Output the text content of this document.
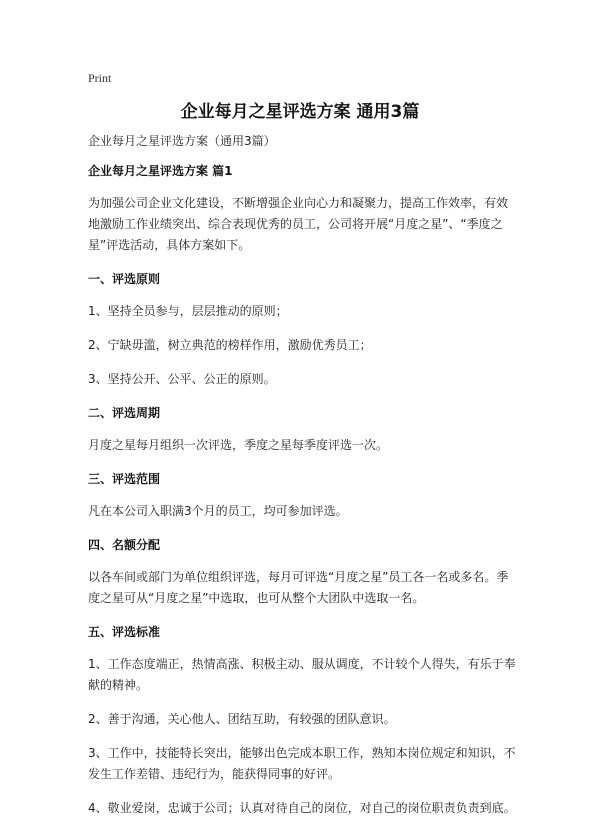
Print
企业每月之星评选方案 通用3篇

企业每月之星评选方案（通用3篇）

企业每月之星评选方案 篇1

为加强公司企业文化建设，不断增强企业向心力和凝聚力，提高工作效率，有效地激励工作业绩突出、综合表现优秀的员工，公司将开展“月度之星”、“季度之星”评选活动，具体方案如下。

一、评选原则

1、坚持全员参与，层层推动的原则；

2、宁缺毋滥，树立典范的榜样作用，激励优秀员工；

3、坚持公开、公平、公正的原则。

二、评选周期

月度之星每月组织一次评选，季度之星每季度评选一次。

三、评选范围

凡在本公司入职满3个月的员工，均可参加评选。

四、名额分配

以各车间或部门为单位组织评选，每月可评选“月度之星”员工各一名或多名。季度之星可从“月度之星”中选取，也可从整个大团队中选取一名。

五、评选标准

1、工作态度端正，热情高涨、积极主动、服从调度，不计较个人得失，有乐于奉献的精神。

2、善于沟通，关心他人、团结互助，有较强的团队意识。

3、工作中，技能特长突出，能够出色完成本职工作，熟知本岗位规定和知识，不发生工作差错、违纪行为，能获得同事的好评。

4、敬业爱岗，忠诚于公司；认真对待自己的岗位，对自己的岗位职责负责到底。
